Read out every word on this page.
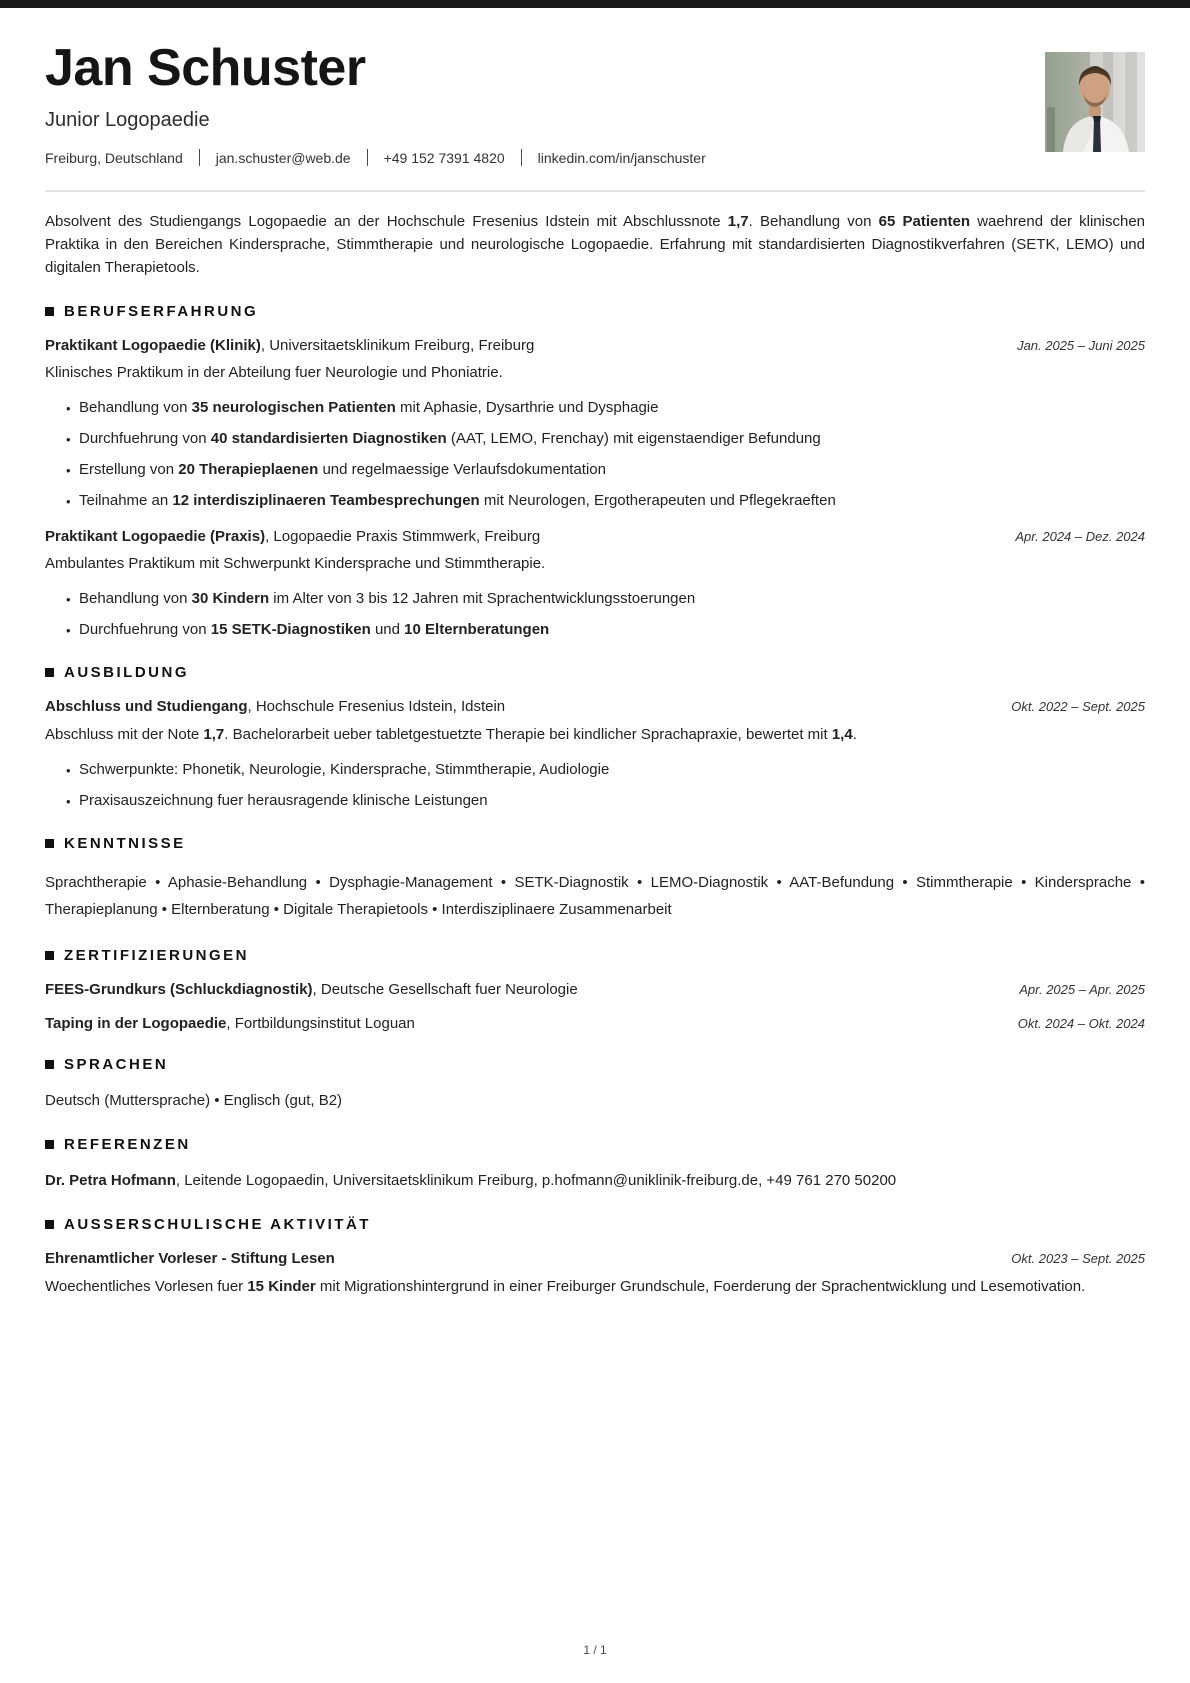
Jan Schuster
Junior Logopaedie
Freiburg, Deutschland jan.schuster@web.de +49 152 7391 4820 linkedin.com/in/janschuster

Absolvent des Studiengangs Logopaedie an der Hochschule Fresenius Idstein mit Abschlussnote 1,7. Behandlung von 65 Patienten waehrend der klinischen Praktika in den Bereichen Kindersprache, Stimmtherapie und neurologische Logopaedie. Erfahrung mit standardisierten Diagnostikverfahren (SETK, LEMO) und digitalen Therapietools.

BERUFSERFAHRUNG
Praktikant Logopaedie (Klinik), Universitaetsklinikum Freiburg, Freiburg	Jan. 2025 – Juni 2025
Klinisches Praktikum in der Abteilung fuer Neurologie und Phoniatrie.
• Behandlung von 35 neurologischen Patienten mit Aphasie, Dysarthrie und Dysphagie
• Durchfuehrung von 40 standardisierten Diagnostiken (AAT, LEMO, Frenchay) mit eigenstaendiger Befundung
• Erstellung von 20 Therapieplaenen und regelmaessige Verlaufsdokumentation
• Teilnahme an 12 interdisziplinaeren Teambesprechungen mit Neurologen, Ergotherapeuten und Pflegekraeften
Praktikant Logopaedie (Praxis), Logopaedie Praxis Stimmwerk, Freiburg	Apr. 2024 – Dez. 2024
Ambulantes Praktikum mit Schwerpunkt Kindersprache und Stimmtherapie.
• Behandlung von 30 Kindern im Alter von 3 bis 12 Jahren mit Sprachentwicklungsstoerungen
• Durchfuehrung von 15 SETK-Diagnostiken und 10 Elternberatungen
AUSBILDUNG
Abschluss und Studiengang, Hochschule Fresenius Idstein, Idstein	Okt. 2022 – Sept. 2025
Abschluss mit der Note 1,7. Bachelorarbeit ueber tabletgestuetzte Therapie bei kindlicher Sprachapraxie, bewertet mit 1,4.
• Schwerpunkte: Phonetik, Neurologie, Kindersprache, Stimmtherapie, Audiologie
• Praxisauszeichnung fuer herausragende klinische Leistungen
KENNTNISSE

Sprachtherapie • Aphasie-Behandlung • Dysphagie-Management • SETK-Diagnostik • LEMO-Diagnostik • AAT-Befundung • Stimmtherapie • Kindersprache • Therapieplanung • Elternberatung • Digitale Therapietools • Interdisziplinaere Zusammenarbeit

ZERTIFIZIERUNGEN
FEES-Grundkurs (Schluckdiagnostik), Deutsche Gesellschaft fuer Neurologie	Apr. 2025 – Apr. 2025
Taping in der Logopaedie, Fortbildungsinstitut Loguan	Okt. 2024 – Okt. 2024
SPRACHEN

Deutsch (Muttersprache) • Englisch (gut, B2)

REFERENZEN

Dr. Petra Hofmann, Leitende Logopaedin, Universitaetsklinikum Freiburg, p.hofmann@uniklinik-freiburg.de, +49 761 270 50200

AUSSERSCHULISCHE AKTIVITÄT
Ehrenamtlicher Vorleser - Stiftung Lesen	Okt. 2023 – Sept. 2025
Woechentliches Vorlesen fuer 15 Kinder mit Migrationshintergrund in einer Freiburger Grundschule, Foerderung der Sprachentwicklung und Lesemotivation.
1 / 1
